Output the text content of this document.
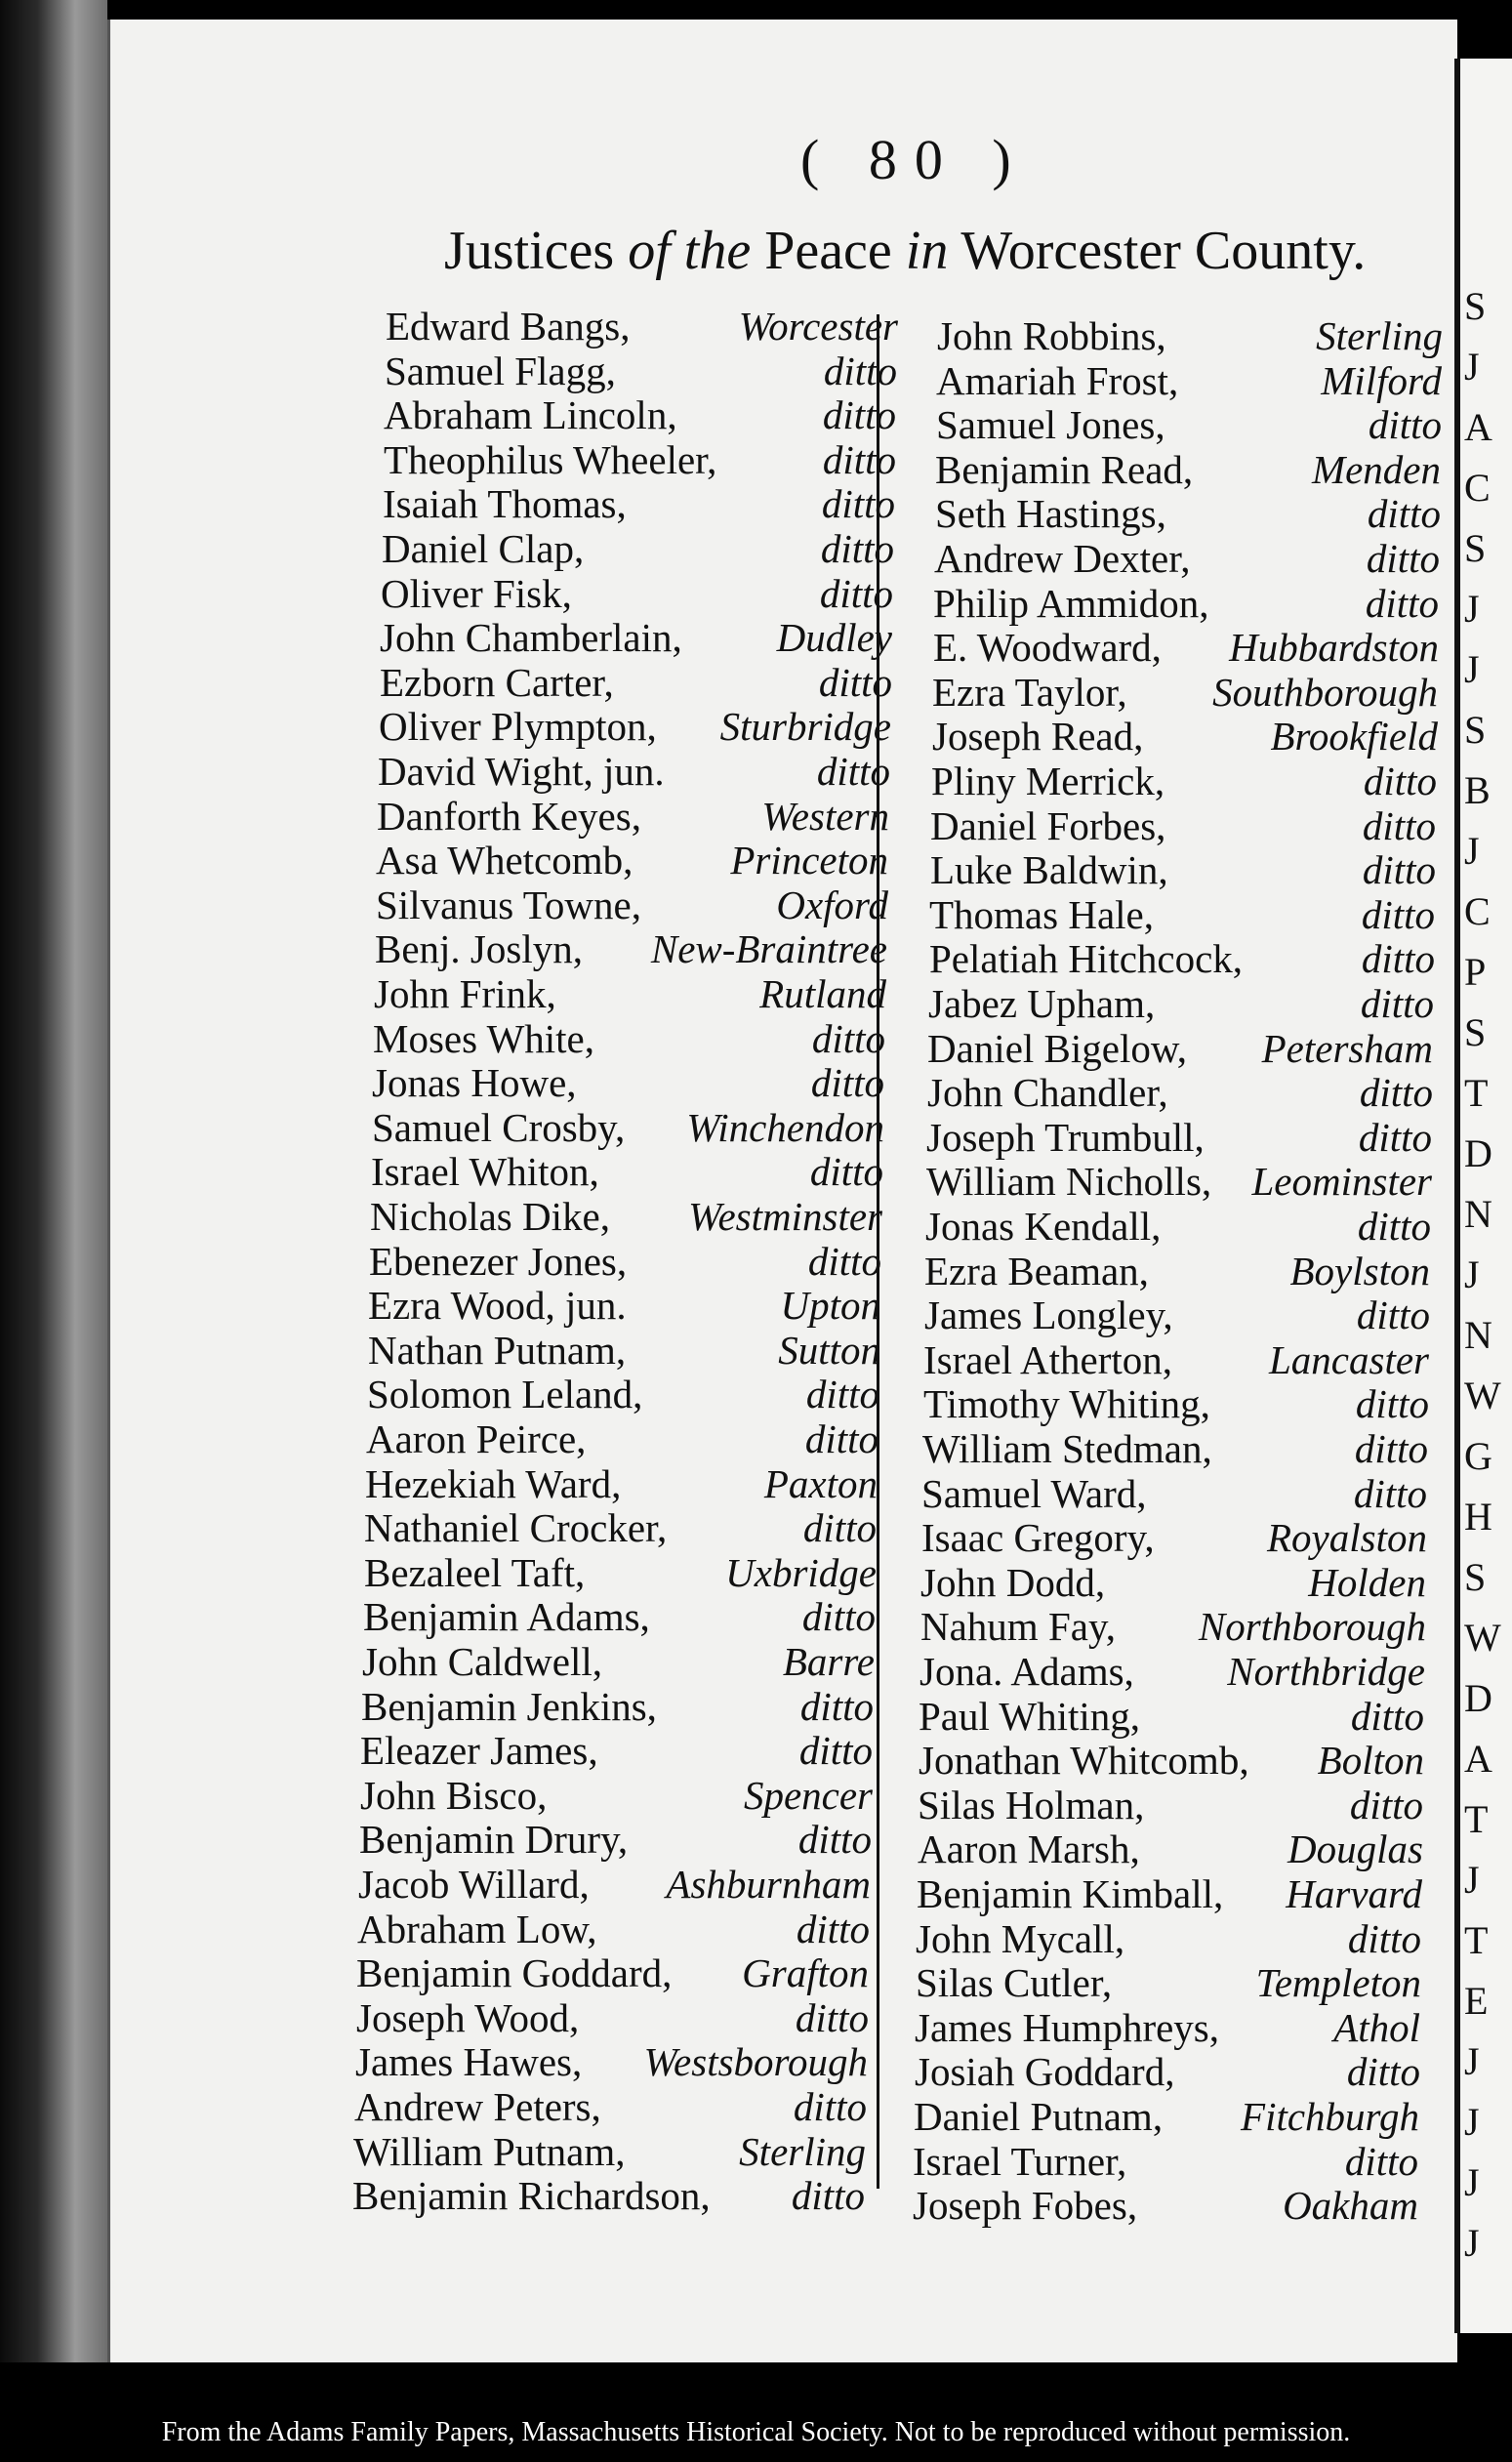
S
J
A
C
S
J
J
S
B
J
C
P
S
T
D
N
J
N
W
G
H
S
W
D
A
T
J
T
E
J
J
J
J
( 80 )
Justices of the Peace in Worcester County.
Edward Bangs,	Worcester
Samuel Flagg,	ditto
Abraham Lincoln,	ditto
Theophilus Wheeler,	ditto
Isaiah Thomas,	ditto
Daniel Clap,	ditto
Oliver Fisk,	ditto
John Chamberlain, Dudley
Ezborn Carter,	ditto
Oliver Plympton, Sturbridge
David Wight, jun.	ditto
Danforth Keyes,	Western
Asa Whetcomb, Princeton
Silvanus Towne,	Oxford
Benj. Joslyn, New-Braintree
John Frink,	Rutland
Moses White,	ditto
Jonas Howe,	ditto
Samuel Crosby, Winchendon
Israel Whiton,	ditto
Nicholas Dike, Westminster
Ebenezer Jones,	ditto
Ezra Wood, jun.	Upton
Nathan Putnam,	Sutton
Solomon Leland,	ditto
Aaron Peirce,	ditto
Hezekiah Ward,	Paxton
Nathaniel Crocker,	ditto
Bezaleel Taft,	Uxbridge
Benjamin Adams,	ditto
John Caldwell,	Barre
Benjamin Jenkins,	ditto
Eleazer James,	ditto
John Bisco,	Spencer
Benjamin Drury,	ditto
Jacob Willard, Ashburnham
Abraham Low,	ditto
Benjamin Goddard, Grafton
Joseph Wood,	ditto
James Hawes, Westsborough
Andrew Peters,	ditto
William Putnam,	Sterling
Benjamin Richardson, ditto
John Robbins,	Sterling
Amariah Frost,	Milford
Samuel Jones,	ditto
Benjamin Read,	Menden
Seth Hastings,	ditto
Andrew Dexter,	ditto
Philip Ammidon,	ditto
E. Woodward, Hubbardston
Ezra Taylor, Southborough
Joseph Read,	Brookfield
Pliny Merrick,	ditto
Daniel Forbes,	ditto
Luke Baldwin,	ditto
Thomas Hale,	ditto
Pelatiah Hitchcock,	ditto
Jabez Upham,	ditto
Daniel Bigelow, Petersham
John Chandler,	ditto
Joseph Trumbull,	ditto
William Nicholls, Leominster
Jonas Kendall,	ditto
Ezra Beaman,	Boylston
James Longley,	ditto
Israel Atherton, Lancaster
Timothy Whiting,	ditto
William Stedman,	ditto
Samuel Ward,	ditto
Isaac Gregory,	Royalston
John Dodd,	Holden
Nahum Fay, Northborough
Jona. Adams, Northbridge
Paul Whiting,	ditto
Jonathan Whitcomb, Bolton
Silas Holman,	ditto
Aaron Marsh,	Douglas
Benjamin Kimball, Harvard
John Mycall,	ditto
Silas Cutler,	Templeton
James Humphreys,	Athol
Josiah Goddard,	ditto
Daniel Putnam, Fitchburgh
Israel Turner,	ditto
Joseph Fobes,	Oakham
From the Adams Family Papers, Massachusetts Historical Society. Not to be reproduced without permission.
